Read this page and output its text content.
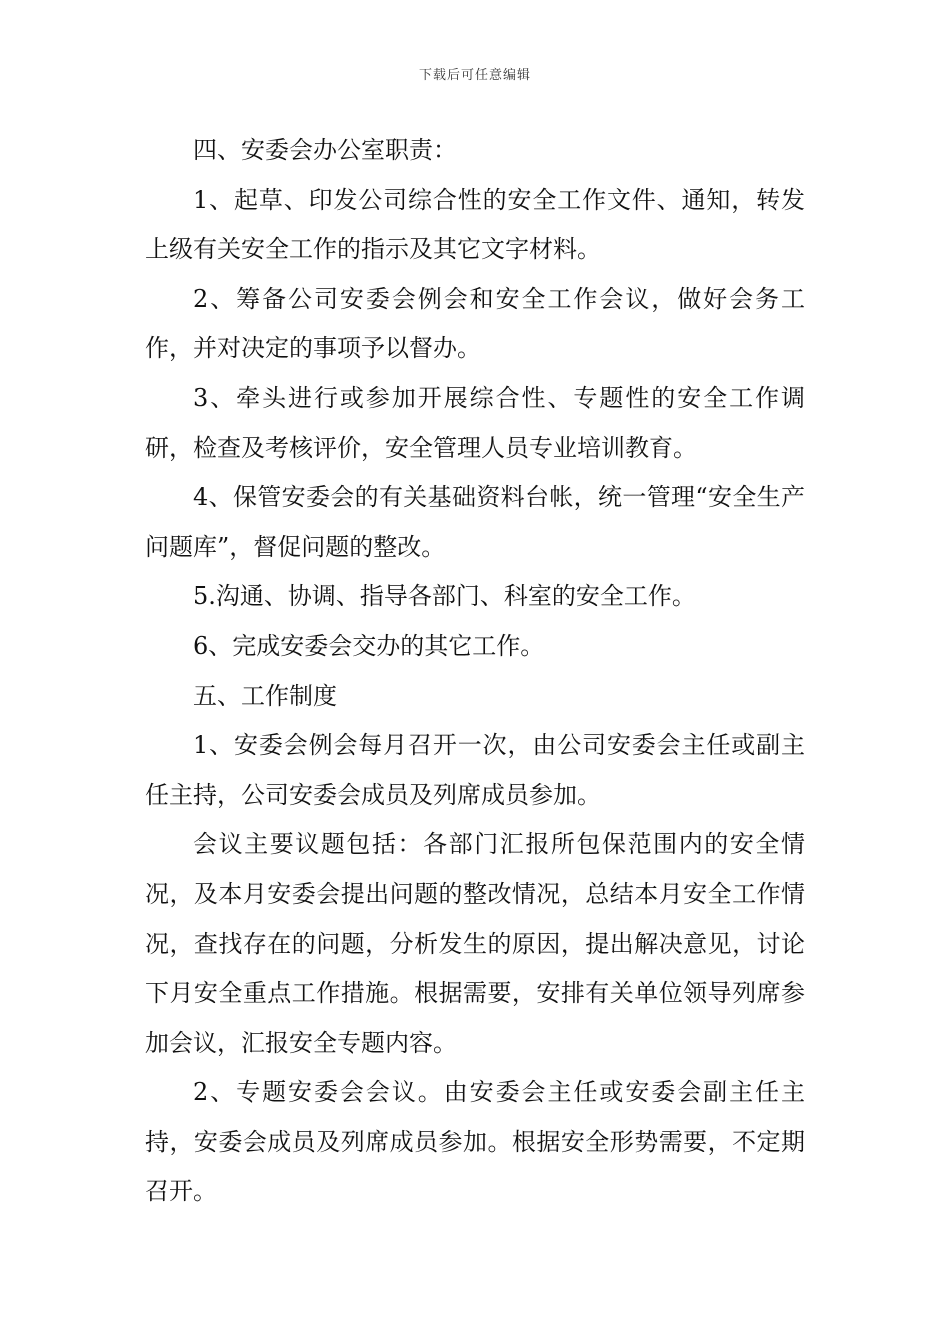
下载后可任意编辑

四、安委会办公室职责：

1、起草、印发公司综合性的安全工作文件、通知，转发上级有关安全工作的指示及其它文字材料。

2、筹备公司安委会例会和安全工作会议，做好会务工作，并对决定的事项予以督办。

3、牵头进行或参加开展综合性、专题性的安全工作调研，检查及考核评价，安全管理人员专业培训教育。

4、保管安委会的有关基础资料台帐，统一管理“安全生产问题库”，督促问题的整改。

5.沟通、协调、指导各部门、科室的安全工作。

6、完成安委会交办的其它工作。

五、工作制度

1、安委会例会每月召开一次，由公司安委会主任或副主任主持，公司安委会成员及列席成员参加。

会议主要议题包括：各部门汇报所包保范围内的安全情况，及本月安委会提出问题的整改情况，总结本月安全工作情况，查找存在的问题，分析发生的原因，提出解决意见，讨论下月安全重点工作措施。根据需要，安排有关单位领导列席参加会议，汇报安全专题内容。

2、专题安委会会议。由安委会主任或安委会副主任主持，安委会成员及列席成员参加。根据安全形势需要，不定期召开。
